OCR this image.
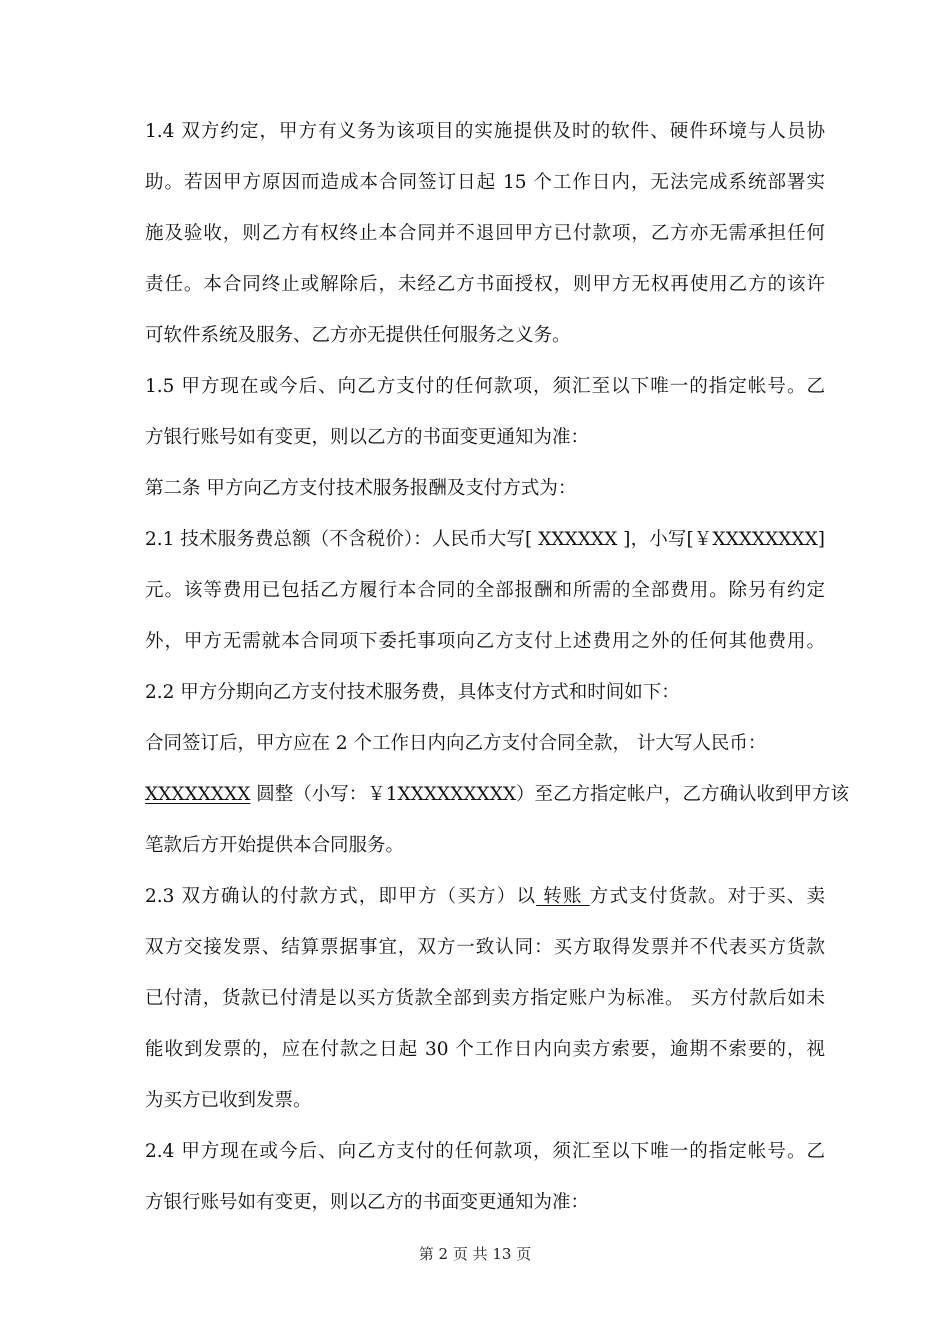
1.4 双方约定，甲方有义务为该项目的实施提供及时的软件、硬件环境与人员协
助。若因甲方原因而造成本合同签订日起 15 个工作日内，无法完成系统部署实
施及验收，则乙方有权终止本合同并不退回甲方已付款项，乙方亦无需承担任何
责任。本合同终止或解除后，未经乙方书面授权，则甲方无权再使用乙方的该许
可软件系统及服务、乙方亦无提供任何服务之义务。
1.5 甲方现在或今后、向乙方支付的任何款项，须汇至以下唯一的指定帐号。乙
方银行账号如有变更，则以乙方的书面变更通知为准：
第二条 甲方向乙方支付技术服务报酬及支付方式为：
2.1 技术服务费总额（不含税价）：人民币大写[ XXXXXX ]，小写[￥XXXXXXXX]
元。该等费用已包括乙方履行本合同的全部报酬和所需的全部费用。除另有约定
外，甲方无需就本合同项下委托事项向乙方支付上述费用之外的任何其他费用。
2.2 甲方分期向乙方支付技术服务费，具体支付方式和时间如下：
合同签订后，甲方应在 2 个工作日内向乙方支付合同全款， 计大写人民币：
XXXXXXXX 圆整（小写：￥1XXXXXXXXX）至乙方指定帐户，乙方确认收到甲方该
笔款后方开始提供本合同服务。
2.3 双方确认的付款方式，即甲方（买方）以 转账 方式支付货款。对于买、卖
双方交接发票、结算票据事宜，双方一致认同：买方取得发票并不代表买方货款
已付清，货款已付清是以买方货款全部到卖方指定账户为标准。 买方付款后如未
能收到发票的，应在付款之日起 30 个工作日内向卖方索要，逾期不索要的，视
为买方已收到发票。
2.4 甲方现在或今后、向乙方支付的任何款项，须汇至以下唯一的指定帐号。乙
方银行账号如有变更，则以乙方的书面变更通知为准：
第 2 页 共 13 页
